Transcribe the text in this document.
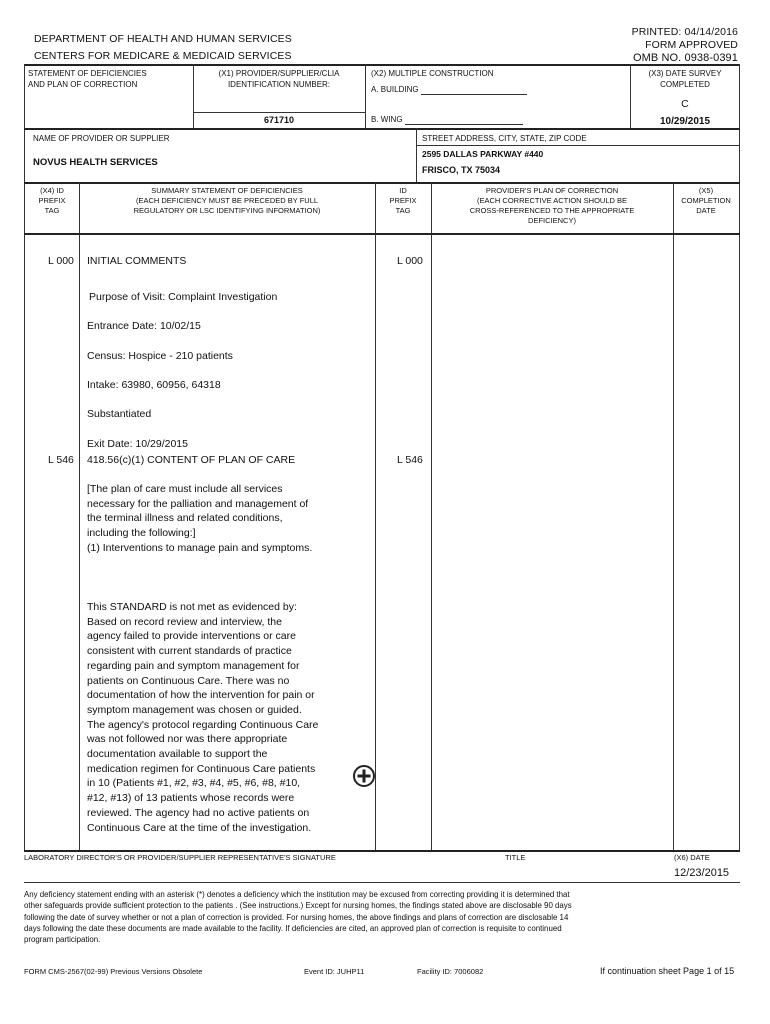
PRINTED: 04/14/2016
FORM APPROVED
OMB NO. 0938-0391
DEPARTMENT OF HEALTH AND HUMAN SERVICES
CENTERS FOR MEDICARE & MEDICAID SERVICES
STATEMENT OF DEFICIENCIES
AND PLAN OF CORRECTION
(X1) PROVIDER/SUPPLIER/CLIA
IDENTIFICATION NUMBER:
671710
(X2) MULTIPLE CONSTRUCTION
A. BUILDING
B. WING
(X3) DATE SURVEY
COMPLETED
C
10/29/2015
NAME OF PROVIDER OR SUPPLIER
NOVUS HEALTH SERVICES
STREET ADDRESS, CITY, STATE, ZIP CODE
2595 DALLAS PARKWAY #440
FRISCO, TX 75034
(X4) ID
PREFIX
TAG
SUMMARY STATEMENT OF DEFICIENCIES
(EACH DEFICIENCY MUST BE PRECEDED BY FULL
REGULATORY OR LSC IDENTIFYING INFORMATION)
ID
PREFIX
TAG
PROVIDER'S PLAN OF CORRECTION
(EACH CORRECTIVE ACTION SHOULD BE
CROSS-REFERENCED TO THE APPROPRIATE
DEFICIENCY)
(X5)
COMPLETION
DATE
L 000 INITIAL COMMENTS	L 000
Purpose of Visit: Complaint Investigation
Entrance Date: 10/02/15
Census: Hospice - 210 patients
Intake: 63980, 60956, 64318
Substantiated
Exit Date: 10/29/2015
L 546 418.56(c)(1) CONTENT OF PLAN OF CARE	L 546
[The plan of care must include all services
necessary for the palliation and management of
the terminal illness and related conditions,
including the following:]
(1) Interventions to manage pain and symptoms.
This STANDARD is not met as evidenced by:
Based on record review and interview, the
agency failed to provide interventions or care
consistent with current standards of practice
regarding pain and symptom management for
patients on Continuous Care. There was no
documentation of how the intervention for pain or
symptom management was chosen or guided.
The agency's protocol regarding Continuous Care
was not followed nor was there appropriate
documentation available to support the
medication regimen for Continuous Care patients
in 10 (Patients #1, #2, #3, #4, #5, #6, #8, #10,
#12, #13) of 13 patients whose records were
reviewed. The agency had no active patients on
Continuous Care at the time of the investigation.
LABORATORY DIRECTOR'S OR PROVIDER/SUPPLIER REPRESENTATIVE'S SIGNATURE	TITLE	(X6) DATE
12/23/2015
Any deficiency statement ending with an asterisk (*) denotes a deficiency which the institution may be excused from correcting providing it is determined that
other safeguards provide sufficient protection to the patients . (See instructions.) Except for nursing homes, the findings stated above are disclosable 90 days
following the date of survey whether or not a plan of correction is provided. For nursing homes, the above findings and plans of correction are disclosable 14
days following the date these documents are made available to the facility. If deficiencies are cited, an approved plan of correction is requisite to continued
program participation.
FORM CMS-2567(02-99) Previous Versions Obsolete	Event ID: JUHP11	Facility ID: 7006082	If continuation sheet Page 1 of 15
